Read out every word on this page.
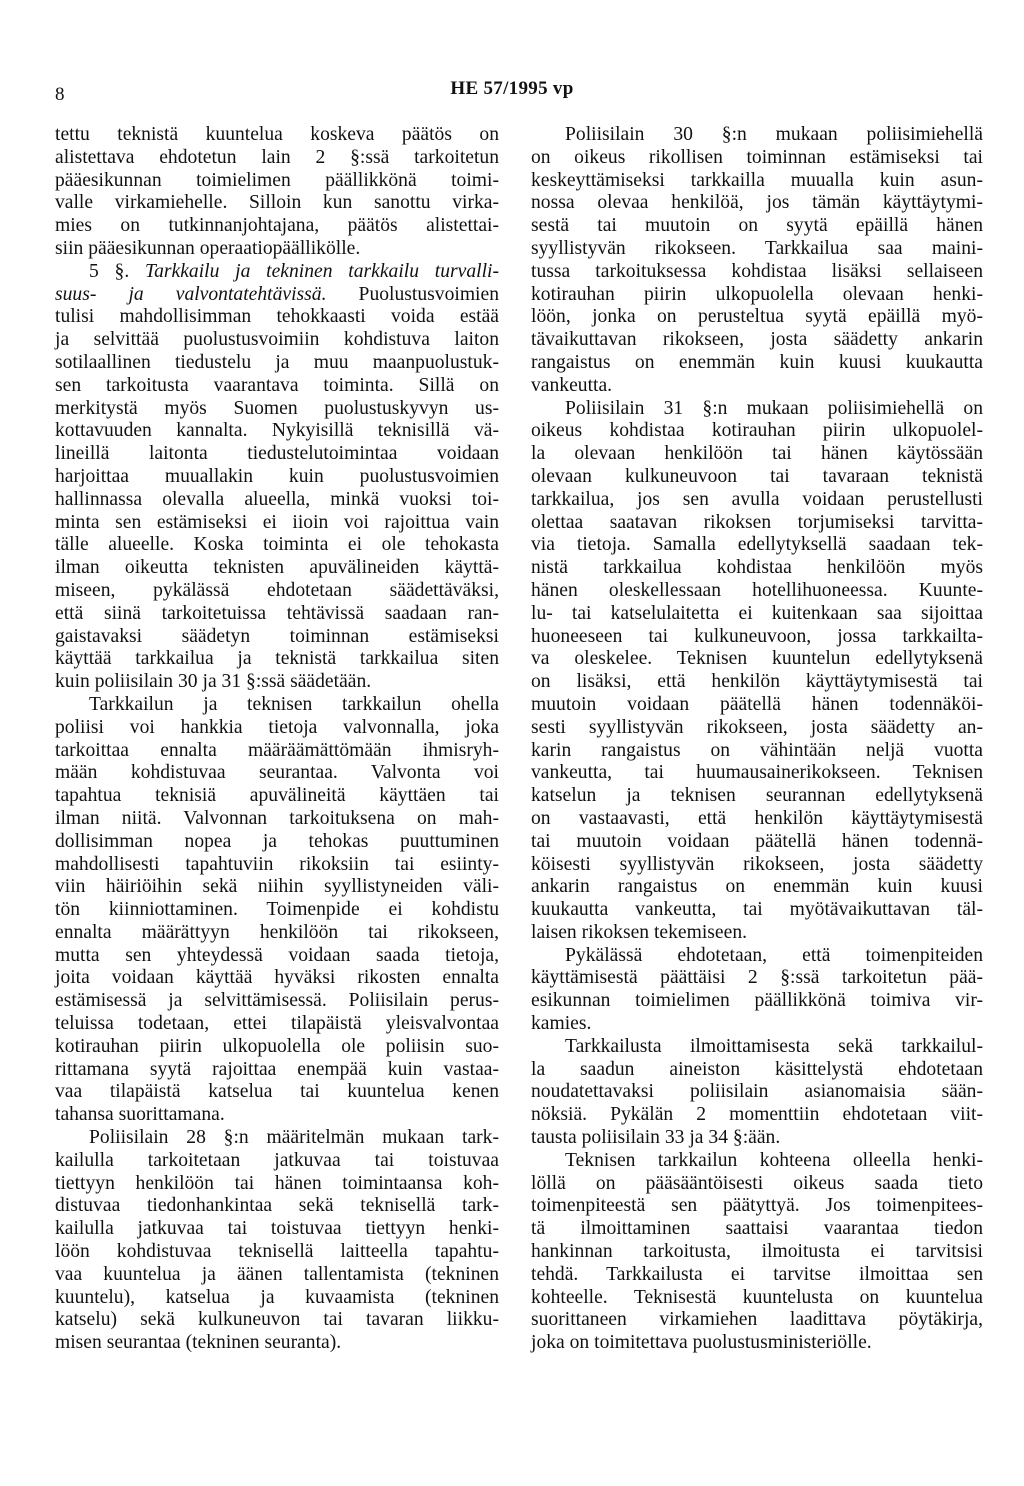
8	HE 57/1995 vp
tettu teknistä kuuntelua koskeva päätös on
alistettava ehdotetun lain 2 §:ssä tarkoitetun
pääesikunnan toimielimen päällikkönä toimi-
valle virkamiehelle. Silloin kun sanottu virka-
mies on tutkinnanjohtajana, päätös alistettai-
siin pääesikunnan operaatiopäällikölle.
5 §. Tarkkailu ja tekninen tarkkailu turvalli-
suus- ja valvontatehtävissä. Puolustusvoimien
tulisi mahdollisimman tehokkaasti voida estää
ja selvittää puolustusvoimiin kohdistuva laiton
sotilaallinen tiedustelu ja muu maanpuolustuk-
sen tarkoitusta vaarantava toiminta. Sillä on
merkitystä myös Suomen puolustuskyvyn us-
kottavuuden kannalta. Nykyisillä teknisillä vä-
lineillä laitonta tiedustelutoimintaa voidaan
harjoittaa muuallakin kuin puolustusvoimien
hallinnassa olevalla alueella, minkä vuoksi toi-
minta sen estämiseksi ei iioin voi rajoittua vain
tälle alueelle. Koska toiminta ei ole tehokasta
ilman oikeutta teknisten apuvälineiden käyttä-
miseen, pykälässä ehdotetaan säädettäväksi,
että siinä tarkoitetuissa tehtävissä saadaan ran-
gaistavaksi säädetyn toiminnan estämiseksi
käyttää tarkkailua ja teknistä tarkkailua siten
kuin poliisilain 30 ja 31 §:ssä säädetään.
Tarkkailun ja teknisen tarkkailun ohella
poliisi voi hankkia tietoja valvonnalla, joka
tarkoittaa ennalta määräämättömään ihmisryh-
mään kohdistuvaa seurantaa. Valvonta voi
tapahtua teknisiä apuvälineitä käyttäen tai
ilman niitä. Valvonnan tarkoituksena on mah-
dollisimman nopea ja tehokas puuttuminen
mahdollisesti tapahtuviin rikoksiin tai esiinty-
viin häiriöihin sekä niihin syyllistyneiden väli-
tön kiinniottaminen. Toimenpide ei kohdistu
ennalta määrättyyn henkilöön tai rikokseen,
mutta sen yhteydessä voidaan saada tietoja,
joita voidaan käyttää hyväksi rikosten ennalta
estämisessä ja selvittämisessä. Poliisilain perus-
teluissa todetaan, ettei tilapäistä yleisvalvontaa
kotirauhan piirin ulkopuolella ole poliisin suo-
rittamana syytä rajoittaa enempää kuin vastaa-
vaa tilapäistä katselua tai kuuntelua kenen
tahansa suorittamana.
Poliisilain 28 §:n määritelmän mukaan tark-
kailulla tarkoitetaan jatkuvaa tai toistuvaa
tiettyyn henkilöön tai hänen toimintaansa koh-
distuvaa tiedonhankintaa sekä teknisellä tark-
kailulla jatkuvaa tai toistuvaa tiettyyn henki-
löön kohdistuvaa teknisellä laitteella tapahtu-
vaa kuuntelua ja äänen tallentamista (tekninen
kuuntelu), katselua ja kuvaamista (tekninen
katselu) sekä kulkuneuvon tai tavaran liikku-
misen seurantaa (tekninen seuranta).
Poliisilain 30 §:n mukaan poliisimiehellä
on oikeus rikollisen toiminnan estämiseksi tai
keskeyttämiseksi tarkkailla muualla kuin asun-
nossa olevaa henkilöä, jos tämän käyttäytymi-
sestä tai muutoin on syytä epäillä hänen
syyllistyvän rikokseen. Tarkkailua saa maini-
tussa tarkoituksessa kohdistaa lisäksi sellaiseen
kotirauhan piirin ulkopuolella olevaan henki-
löön, jonka on perusteltua syytä epäillä myö-
tävaikuttavan rikokseen, josta säädetty ankarin
rangaistus on enemmän kuin kuusi kuukautta
vankeutta.
Poliisilain 31 §:n mukaan poliisimiehellä on
oikeus kohdistaa kotirauhan piirin ulkopuolel-
la olevaan henkilöön tai hänen käytössään
olevaan kulkuneuvoon tai tavaraan teknistä
tarkkailua, jos sen avulla voidaan perustellusti
olettaa saatavan rikoksen torjumiseksi tarvitta-
via tietoja. Samalla edellytyksellä saadaan tek-
nistä tarkkailua kohdistaa henkilöön myös
hänen oleskellessaan hotellihuoneessa. Kuunte-
lu- tai katselulaitetta ei kuitenkaan saa sijoittaa
huoneeseen tai kulkuneuvoon, jossa tarkkailta-
va oleskelee. Teknisen kuuntelun edellytyksenä
on lisäksi, että henkilön käyttäytymisestä tai
muutoin voidaan päätellä hänen todennäköi-
sesti syyllistyvän rikokseen, josta säädetty an-
karin rangaistus on vähintään neljä vuotta
vankeutta, tai huumausainerikokseen. Teknisen
katselun ja teknisen seurannan edellytyksenä
on vastaavasti, että henkilön käyttäytymisestä
tai muutoin voidaan päätellä hänen todennä-
köisesti syyllistyvän rikokseen, josta säädetty
ankarin rangaistus on enemmän kuin kuusi
kuukautta vankeutta, tai myötävaikuttavan täl-
laisen rikoksen tekemiseen.
Pykälässä ehdotetaan, että toimenpiteiden
käyttämisestä päättäisi 2 §:ssä tarkoitetun pää-
esikunnan toimielimen päällikkönä toimiva vir-
kamies.
Tarkkailusta ilmoittamisesta sekä tarkkailul-
la saadun aineiston käsittelystä ehdotetaan
noudatettavaksi poliisilain asianomaisia sään-
nöksiä. Pykälän 2 momenttiin ehdotetaan viit-
tausta poliisilain 33 ja 34 §:ään.
Teknisen tarkkailun kohteena olleella henki-
löllä on pääsääntöisesti oikeus saada tieto
toimenpiteestä sen päätyttyä. Jos toimenpitees-
tä ilmoittaminen saattaisi vaarantaa tiedon
hankinnan tarkoitusta, ilmoitusta ei tarvitsisi
tehdä. Tarkkailusta ei tarvitse ilmoittaa sen
kohteelle. Teknisestä kuuntelusta on kuuntelua
suorittaneen virkamiehen laadittava pöytäkirja,
joka on toimitettava puolustusministeriölle.
